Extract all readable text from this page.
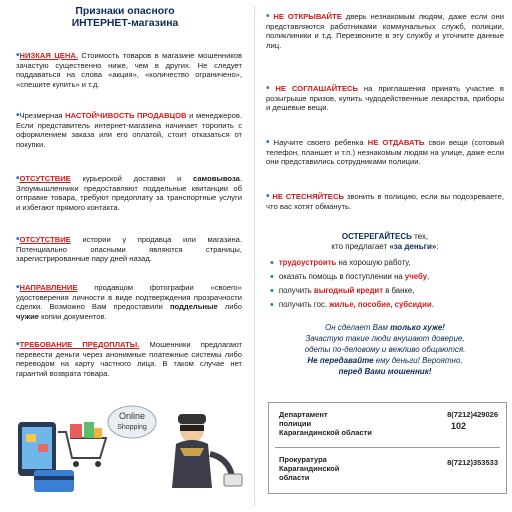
Признаки опасного
ИНТЕРНЕТ-магазина
•НИЗКАЯ ЦЕНА. Стоимость товаров в магазине мошенников зачастую существенно ниже, чем в других. Не следует поддаваться на слова «акция», «количество ограничено», «спешите купить» и т.д.
•Чрезмерная НАСТОЙЧИВОСТЬ ПРОДАВЦОВ и менеджеров. Если представитель интернет-магазина начинает торопить с оформлением заказа или его оплатой, стоит отказаться от покупки.
•ОТСУТСТВИЕ курьерской доставки и самовывоза. Злоумышленники предоставляют поддельные квитанции об отправке товара, требуют предоплату за транспортные услуги и избегают прямого контакта.
•ОТСУТСТВИЕ истории у продавца или магазина. Потенциально опасными являются страницы, зарегистрированные пару дней назад.
•НАПРАВЛЕНИЕ продавцом фотографии «своего» удостоверения личности в виде подтверждения прозрачности сделки. Возможно Вам предоставили поддельные либо чужие копии документов.
•ТРЕБОВАНИЕ ПРЕДОПЛАТЫ. Мошенники предлагают перевести деньги через анонимные платежные системы либо переводом на карту частного лица. В таком случае нет гарантий возврата товара.
Online
Shopping
• НЕ ОТКРЫВАЙТЕ дверь незнакомым людям, даже если они представляются работниками коммунальных служб, полиции, поликлиники и т.д. Перезвоните в эту службу и уточните данные лиц.
• НЕ СОГЛАШАЙТЕСЬ на приглашения принять участие в розыгрыше призов, купить чудодейственные лекарства, приборы и дешевые вещи.
• Научите своего ребенка НЕ ОТДАВАТЬ свои вещи (сотовый телефон, планшет и т.п.) незнакомым людям на улице, даже если они представились сотрудниками полиции.
• НЕ СТЕСНЯЙТЕСЬ звонить в полицию, если вы подозреваете, что вас хотят обмануть.
ОСТЕРЕГАЙТЕСЬ тех,
кто предлагает «за деньги»:
• трудоустроить на хорошую работу,
• оказать помощь в поступлении на учебу,
• получить выгодный кредит в банке,
• получить гос. жилье, пособие, субсидии.
Он сделает Вам только хуже!
Зачастую такие люди внушают доверие,
одеты по-деловому и вежливо общаются.
Не передавайте ему деньги! Вероятно,
перед Вами мошенник!
Департамент
полиции
Карагандинской области
8(7212)429026
102
Прокуратура
Карагандинской
области
8(7212)353533
